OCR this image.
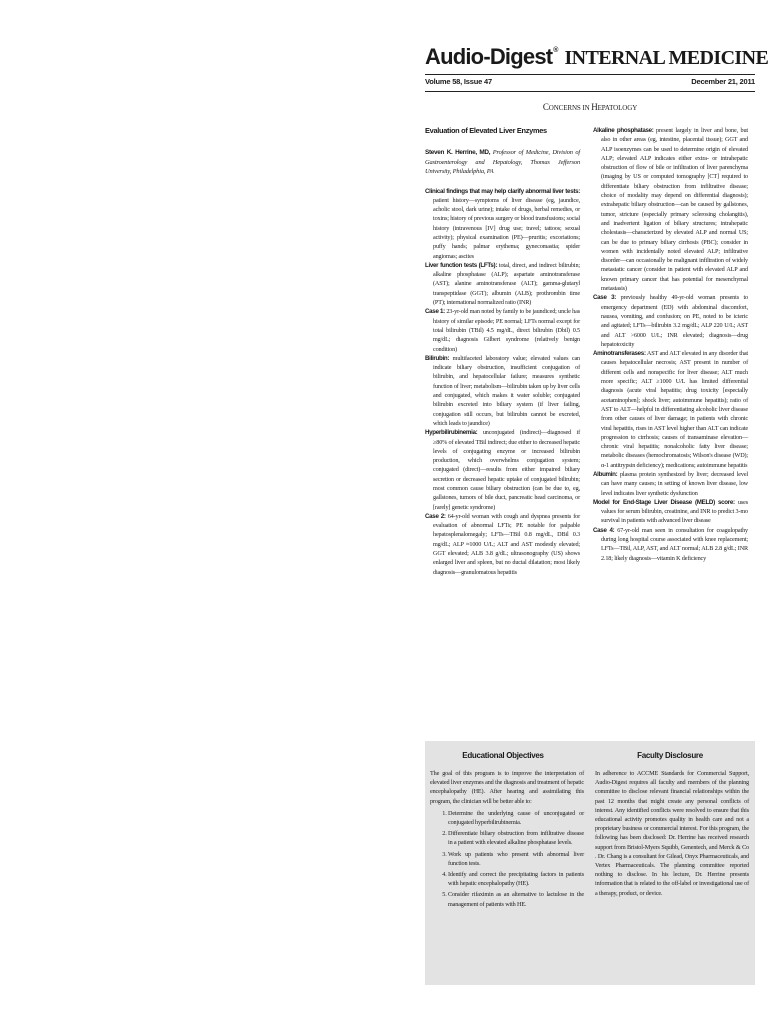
Audio-Digest® INTERNAL MEDICINE
Volume 58, Issue 47	December 21, 2011
CONCERNS IN HEPATOLOGY

Evaluation of Elevated Liver Enzymes

Steven K. Herrine, MD, Professor of Medicine, Division of Gastroenterology and Hepatology, Thomas Jefferson University, Philadelphia, PA

Clinical findings that may help clarify abnormal liver tests: patient history—symptoms of liver disease (eg, jaundice, acholic stool, dark urine); intake of drugs, herbal remedies, or toxins; history of previous surgery or blood transfusions; social history (intravenous [IV] drug use; travel; tattoos; sexual activity); physical examination (PE)—pruritis; excoriations; puffy hands; palmar erythema; gynecomastia; spider angiomas; ascites

Liver function tests (LFTs): total, direct, and indirect bilirubin; alkaline phosphatase (ALP); aspartate aminotransferase (AST); alanine aminotransferase (ALT); gamma-glutaryl transpeptidase (GGT); albumin (ALB); prothrombin time (PT); international normalized ratio (INR)

Case 1: 23-yr-old man noted by family to be jaundiced; uncle has history of similar episode; PE normal; LFTs normal except for total bilirubin (TBil) 4.5 mg/dL, direct bilirubin (Dbil) 0.5 mg/dL; diagnosis Gilbert syndrome (relatively benign condition)

Bilirubin: multifaceted laboratory value; elevated values can indicate biliary obstruction, insufficient conjugation of bilirubin, and hepatocellular failure; measures synthetic function of liver; metabolism—bilirubin taken up by liver cells and conjugated, which makes it water soluble; conjugated bilirubin excreted into biliary system (if liver failing, conjugation still occurs, but bilirubin cannot be excreted, which leads to jaundice)

Hyperbilirubinemia: unconjugated (indirect)—diagnosed if ≥80% of elevated TBil indirect; due either to decreased hepatic levels of conjugating enzyme or increased bilirubin production, which overwhelms conjugation system; conjugated (direct)—results from either impaired biliary secretion or decreased hepatic uptake of conjugated bilirubin; most common cause biliary obstruction (can be due to, eg, gallstones, tumors of bile duct, pancreatic head carcinoma, or [rarely] genetic syndrome)

Case 2: 64-yr-old woman with cough and dyspnea presents for evaluation of abnormal LFTs; PE notable for palpable hepatosplenalomegaly; LFTs—TBil 0.8 mg/dL, DBil 0.3 mg/dL; ALP ≈1000 U/L; ALT and AST modestly elevated; GGT elevated; ALB 3.8 g/dL; ultrasonography (US) shows enlarged liver and spleen, but no ductal dilatation; most likely diagnosis—granulomatous hepatitis

Alkaline phosphatase: present largely in liver and bone, but also in other areas (eg, intestine, placental tissue); GGT and ALP isoenzymes can be used to determine origin of elevated ALP; elevated ALP indicates either extra- or intrahepatic obstruction of flow of bile or infiltration of liver parenchyma (imaging by US or computed tomography [CT] required to differentiate biliary obstruction from infiltrative disease; choice of modality may depend on differential diagnosis); extrahepatic biliary obstruction—can be caused by gallstones, tumor, stricture (especially primary sclerosing cholangitis), and inadvertent ligation of biliary structures; intrahepatic cholestasis—characterized by elevated ALP and normal US; can be due to primary biliary cirrhosis (PBC); consider in women with incidentally noted elevated ALP; infiltrative disorder—can occasionally be malignant infiltration of widely metastatic cancer (consider in patient with elevated ALP and known primary cancer that has potential for mesenchymal metastasis)

Case 3: previously healthy 49-yr-old woman presents to emergency department (ED) with abdominal discomfort, nausea, vomiting, and confusion; on PE, noted to be icteric and agitated; LFTs—bilirubin 3.2 mg/dL; ALP 220 U/L; AST and ALT >6000 U/L; INR elevated; diagnosis—drug hepatotoxicity

Aminotransferases: AST and ALT elevated in any disorder that causes hepatocellular necrosis; AST present in number of different cells and nonspecific for liver disease; ALT much more specific; ALT ≥1000 U/L has limited differential diagnosis (acute viral hepatitis; drug toxicity [especially acetaminophen]; shock liver; autoimmune hepatitis); ratio of AST to ALT—helpful in differentiating alcoholic liver disease from other causes of liver damage; in patients with chronic viral hepatitis, rises in AST level higher than ALT can indicate progression to cirrhosis; causes of transaminase elevation—chronic viral hepatitis; nonalcoholic fatty liver disease; metabolic diseases (hemochromatosis; Wilson's disease (WD); α-1 antitrypsin deficiency); medications; autoimmune hepatitis

Albumin: plasma protein synthesized by liver; decreased level can have many causes; in setting of known liver disease, low level indicates liver synthetic dysfunction

Model for End-Stage Liver Disease (MELD) score: uses values for serum bilirubin, creatinine, and INR to predict 3-mo survival in patients with advanced liver disease

Case 4: 67-yr-old man seen in consultation for coagulopathy during long hospital course associated with knee replacement; LFTs—TBil, ALP, AST, and ALT normal; ALB 2.8 g/dL; INR 2.18; likely diagnosis—vitamin K deficiency

Educational Objectives
The goal of this program is to improve the interpretation of elevated liver enzymes and the diagnosis and treatment of hepatic encephalopathy (HE). After hearing and assimilating this program, the clinician will be better able to:
1. Determine the underlying cause of unconjugated or conjugated hyperbilirubinemia.
2. Differentiate biliary obstruction from infiltrative disease in a patient with elevated alkaline phosphatase levels.
3. Work up patients who present with abnormal liver function tests.
4. Identify and correct the precipitating factors in patients with hepatic encephalopathy (HE).
5. Consider rifaximin as an alternative to lactulose in the management of patients with HE.
Faculty Disclosure
In adherence to ACCME Standards for Commercial Support, Audio-Digest requires all faculty and members of the planning committee to disclose relevant financial relationships within the past 12 months that might create any personal conflicts of interest. Any identified conflicts were resolved to ensure that this educational activity promotes quality in health care and not a proprietary business or commercial interest. For this program, the following has been disclosed: Dr. Herrine has received research support from Bristol-Myers Squibb, Genentech, and Merck & Co . Dr. Chang is a consultant for Gilead, Onyx Pharmaceuticals, and Vertex Pharmaceuticals. The planning committee reported nothing to disclose. In his lecture, Dr. Herrine presents information that is related to the off-label or investigational use of a therapy, product, or device.
